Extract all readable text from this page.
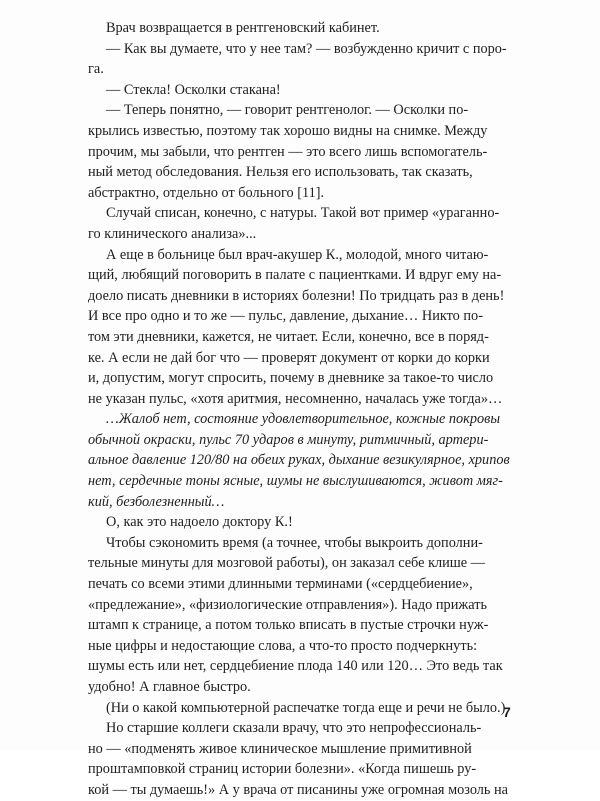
Врач возвращается в рентгеновский кабинет.

— Как вы думаете, что у нее там? — возбужденно кричит с поро-
га.

— Стекла! Осколки стакана!

— Теперь понятно, — говорит рентгенолог. — Осколки по-
крылись известью, поэтому так хорошо видны на снимке. Между
прочим, мы забыли, что рентген — это всего лишь вспомогатель-
ный метод обследования. Нельзя его использовать, так сказать,
абстрактно, отдельно от больного [11].

Случай списан, конечно, с натуры. Такой вот пример «ураганно-
го клинического анализа»...

А еще в больнице был врач-акушер К., молодой, много читаю-
щий, любящий поговорить в палате с пациентками. И вдруг ему на-
доело писать дневники в историях болезни! По тридцать раз в день!
И все про одно и то же — пульс, давление, дыхание… Никто по-
том эти дневники, кажется, не читает. Если, конечно, все в поряд-
ке. А если не дай бог что — проверят документ от корки до корки
и, допустим, могут спросить, почему в дневнике за такое-то число
не указан пульс, «хотя аритмия, несомненно, началась уже тогда»…

…Жалоб нет, состояние удовлетворительное, кожные покровы
обычной окраски, пульс 70 ударов в минуту, ритмичный, артери-
альное давление 120/80 на обеих руках, дыхание везикулярное, хрипов
нет, сердечные тоны ясные, шумы не выслушиваются, живот мяг-
кий, безболезненный…

О, как это надоело доктору К.!

Чтобы сэкономить время (а точнее, чтобы выкроить дополни-
тельные минуты для мозговой работы), он заказал себе клише —
печать со всеми этими длинными терминами («сердцебиение»,
«предлежание», «физиологические отправления»). Надо прижать
штамп к странице, а потом только вписать в пустые строчки нуж-
ные цифры и недостающие слова, а что-то просто подчеркнуть:
шумы есть или нет, сердцебиение плода 140 или 120… Это ведь так
удобно! А главное быстро.

(Ни о какой компьютерной распечатке тогда еще и речи не было.)

Но старшие коллеги сказали врачу, что это непрофессиональ-
но — «подменять живое клиническое мышление примитивной
проштамповкой страниц истории болезни». «Когда пишешь ру-
кой — ты думаешь!» А у врача от писанины уже огромная мозоль на

7
